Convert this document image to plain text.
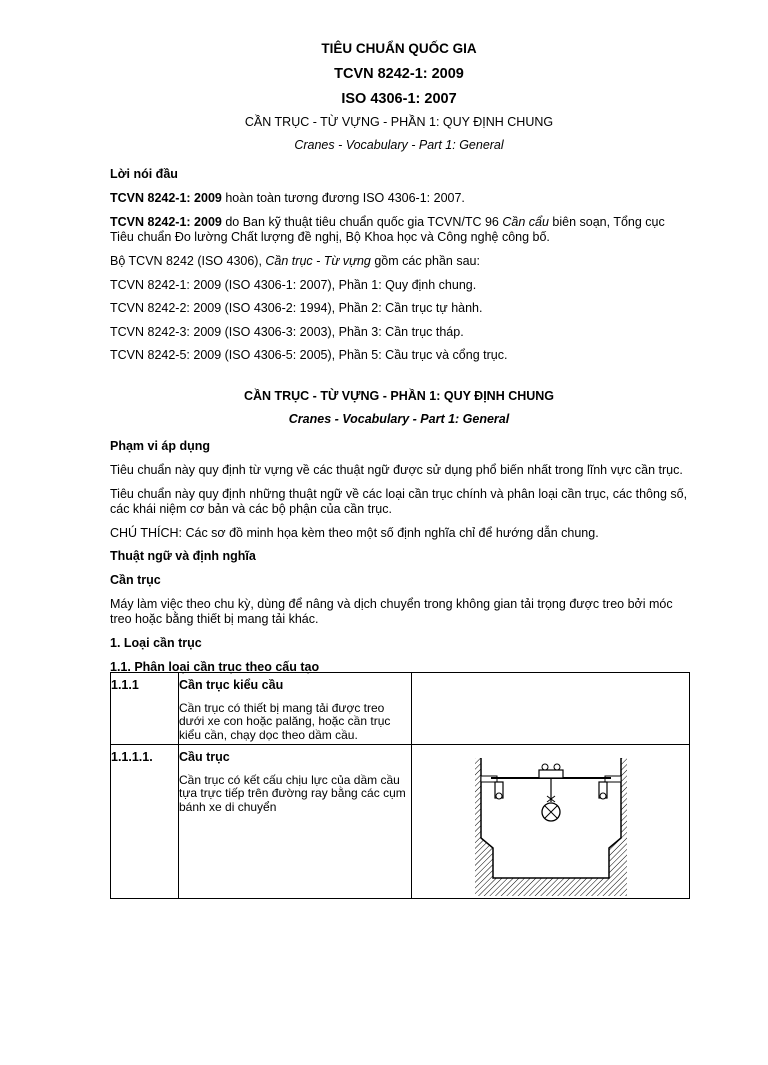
TIÊU CHUẨN QUỐC GIA
TCVN 8242-1: 2009
ISO 4306-1: 2007
CẦN TRỤC - TỪ VỰNG - PHẦN 1: QUY ĐỊNH CHUNG
Cranes - Vocabulary - Part 1: General

Lời nói đầu

TCVN 8242-1: 2009 hoàn toàn tương đương ISO 4306-1: 2007.

TCVN 8242-1: 2009 do Ban kỹ thuật tiêu chuẩn quốc gia TCVN/TC 96 Cần cẩu biên soạn, Tổng cục Tiêu chuẩn Đo lường Chất lượng đề nghị, Bộ Khoa học và Công nghệ công bố.

Bộ TCVN 8242 (ISO 4306), Cần trục - Từ vựng gồm các phần sau:

TCVN 8242-1: 2009 (ISO 4306-1: 2007), Phần 1: Quy định chung.

TCVN 8242-2: 2009 (ISO 4306-2: 1994), Phần 2: Cần trục tự hành.

TCVN 8242-3: 2009 (ISO 4306-3: 2003), Phần 3: Cần trục tháp.

TCVN 8242-5: 2009 (ISO 4306-5: 2005), Phần 5: Cầu trục và cổng trục.

CẦN TRỤC - TỪ VỰNG - PHẦN 1: QUY ĐỊNH CHUNG
Cranes - Vocabulary - Part 1: General

Phạm vi áp dụng

Tiêu chuẩn này quy định từ vựng về các thuật ngữ được sử dụng phổ biến nhất trong lĩnh vực cần trục.

Tiêu chuẩn này quy định những thuật ngữ về các loại cần trục chính và phân loại cần trục, các thông số, các khái niệm cơ bản và các bộ phận của cần trục.

CHÚ THÍCH: Các sơ đồ minh họa kèm theo một số định nghĩa chỉ để hướng dẫn chung.

Thuật ngữ và định nghĩa

Cần trục

Máy làm việc theo chu kỳ, dùng để nâng và dịch chuyển trong không gian tải trọng được treo bởi móc treo hoặc bằng thiết bị mang tải khác.

1. Loại cần trục

1.1. Phân loại cần trục theo cấu tạo

1.1.1	Cần trục kiểu cầu
Cần trục có thiết bị mang tải được treo dưới xe con hoặc palăng, hoặc cần trục kiểu cần, chạy dọc theo dầm cầu.	

1.1.1.1.	Cầu trục
Cần trục có kết cấu chịu lực của dầm cầu tựa trực tiếp trên đường ray bằng các cụm bánh xe di chuyển
